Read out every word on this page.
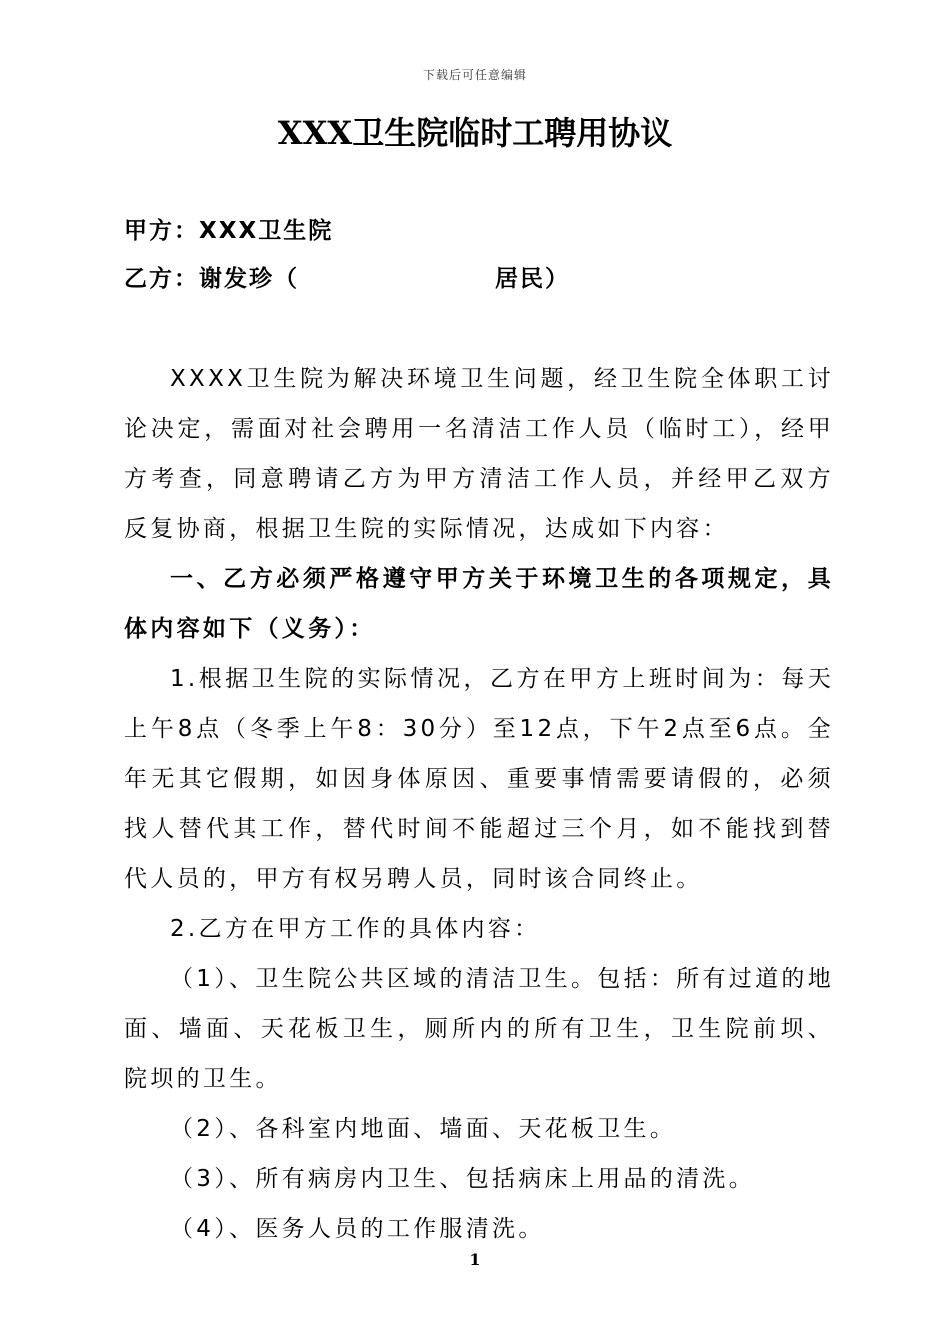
下载后可任意编辑
XXX卫生院临时工聘用协议
甲方：XXX卫生院
乙方：谢发珍（	居民）

XXXX卫生院为解决环境卫生问题，经卫生院全体职工讨论决定，需面对社会聘用一名清洁工作人员（临时工），经甲方考查，同意聘请乙方为甲方清洁工作人员，并经甲乙双方反复协商，根据卫生院的实际情况，达成如下内容：

一、乙方必须严格遵守甲方关于环境卫生的各项规定，具体内容如下（义务）：

1.根据卫生院的实际情况，乙方在甲方上班时间为：每天上午8点（冬季上午8：30分）至12点，下午2点至6点。全年无其它假期，如因身体原因、重要事情需要请假的，必须找人替代其工作，替代时间不能超过三个月，如不能找到替代人员的，甲方有权另聘人员，同时该合同终止。

2.乙方在甲方工作的具体内容：

（1）、卫生院公共区域的清洁卫生。包括：所有过道的地面、墙面、天花板卫生，厕所内的所有卫生，卫生院前坝、院坝的卫生。

（2）、各科室内地面、墙面、天花板卫生。

（3）、所有病房内卫生、包括病床上用品的清洗。

（4）、医务人员的工作服清洗。

1
